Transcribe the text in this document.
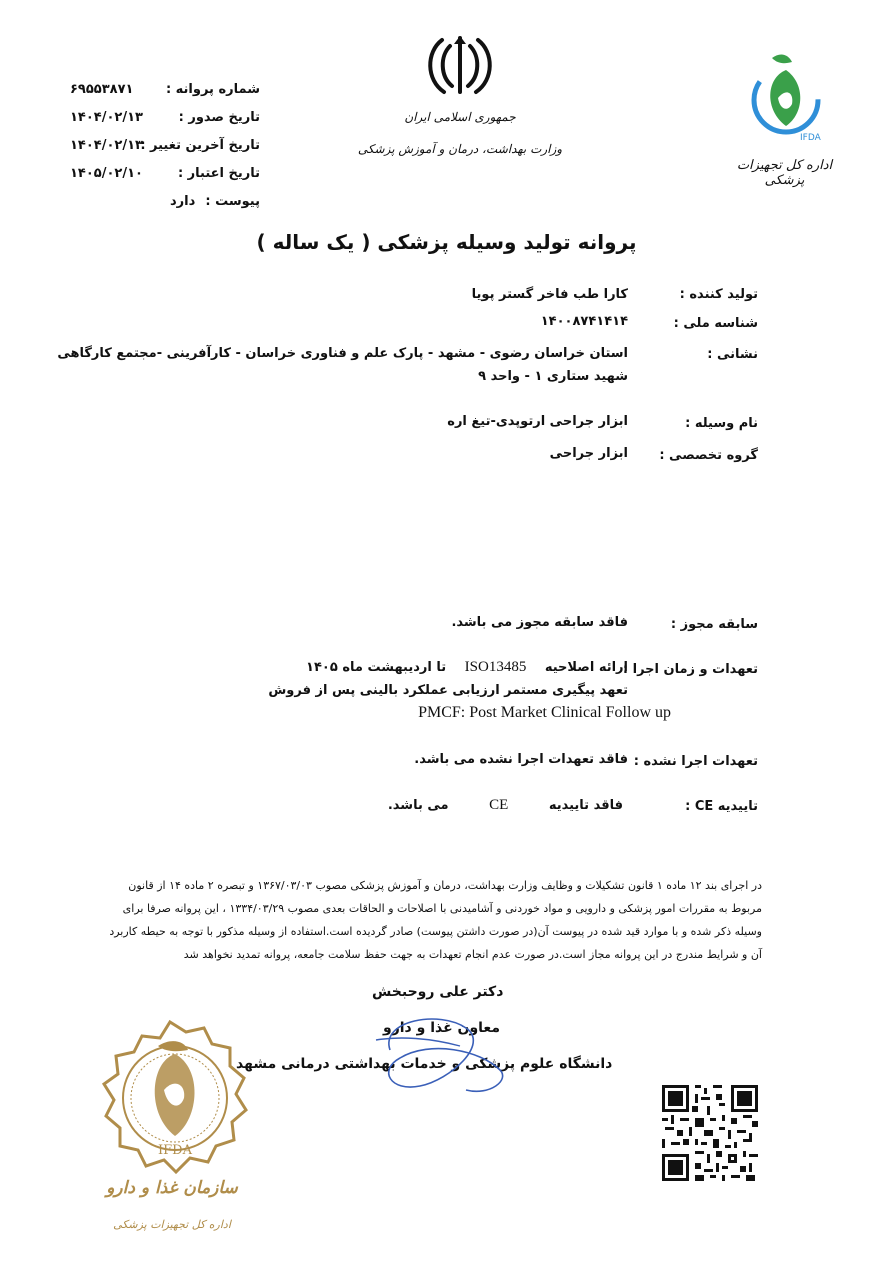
شماره پروانه :
۶۹۵۵۳۸۷۱
تاریخ صدور :
۱۴۰۴/۰۲/۱۳
تاریخ آخرین تغییر :
۱۴۰۴/۰۲/۱۳
تاریخ اعتبار :
۱۴۰۵/۰۲/۱۰
پیوست :
دارد
جمهوری اسلامی ایران
وزارت بهداشت، درمان و آموزش پزشکی
IFDA
اداره کل تجهیزات پزشکی
پروانه تولید وسیله پزشکی ( یک ساله )
تولید کننده :
کارا طب فاخر گستر پویا
شناسه ملی :
۱۴۰۰۸۷۴۱۴۱۴
نشانی :
استان خراسان رضوی - مشهد - پارک علم و فناوری خراسان - کارآفرینی -مجتمع کارگاهی
شهید ستاری ۱ - واحد ۹
نام وسیله :
ابزار جراحی ارتوپدی-تیغ اره
گروه تخصصی :
ابزار جراحی
سابقه مجوز :
فاقد سابقه مجوز می باشد.
تعهدات و زمان اجرا :
ارائه اصلاحیه ISO13485 تا اردیبهشت ماه ۱۴۰۵
تعهد پیگیری مستمر ارزیابی عملکرد بالینی پس از فروش
PMCF: Post Market Clinical Follow up
تعهدات اجرا نشده :
فاقد تعهدات اجرا نشده می باشد.
تاییدیه CE :
فاقد تاییدیه CE می باشد.
در اجرای بند ۱۲ ماده ۱ قانون تشکیلات و وظایف وزارت بهداشت، درمان و آموزش پزشکی مصوب ۱۳۶۷/۰۳/۰۳ و تبصره ۲ ماده ۱۴ از قانون
مربوط به مقررات امور پزشکی و دارویی و مواد خوردنی و آشامیدنی با اصلاحات و الحاقات بعدی مصوب ۱۳۳۴/۰۳/۲۹ ، این پروانه صرفا برای
وسیله ذکر شده و با موارد قید شده در پیوست آن(در صورت داشتن پیوست) صادر گردیده است.استفاده از وسیله مذکور با توجه به حیطه کاربرد
آن و شرایط مندرج در این پروانه مجاز است.در صورت عدم انجام تعهدات به جهت حفظ سلامت جامعه، پروانه تمدید نخواهد شد
دکتر علی روحبخش
معاون غذا و دارو
دانشگاه علوم پزشکی و خدمات بهداشتی درمانی مشهد
IFDA
سازمان غذا و دارو
اداره کل تجهیزات پزشکی
